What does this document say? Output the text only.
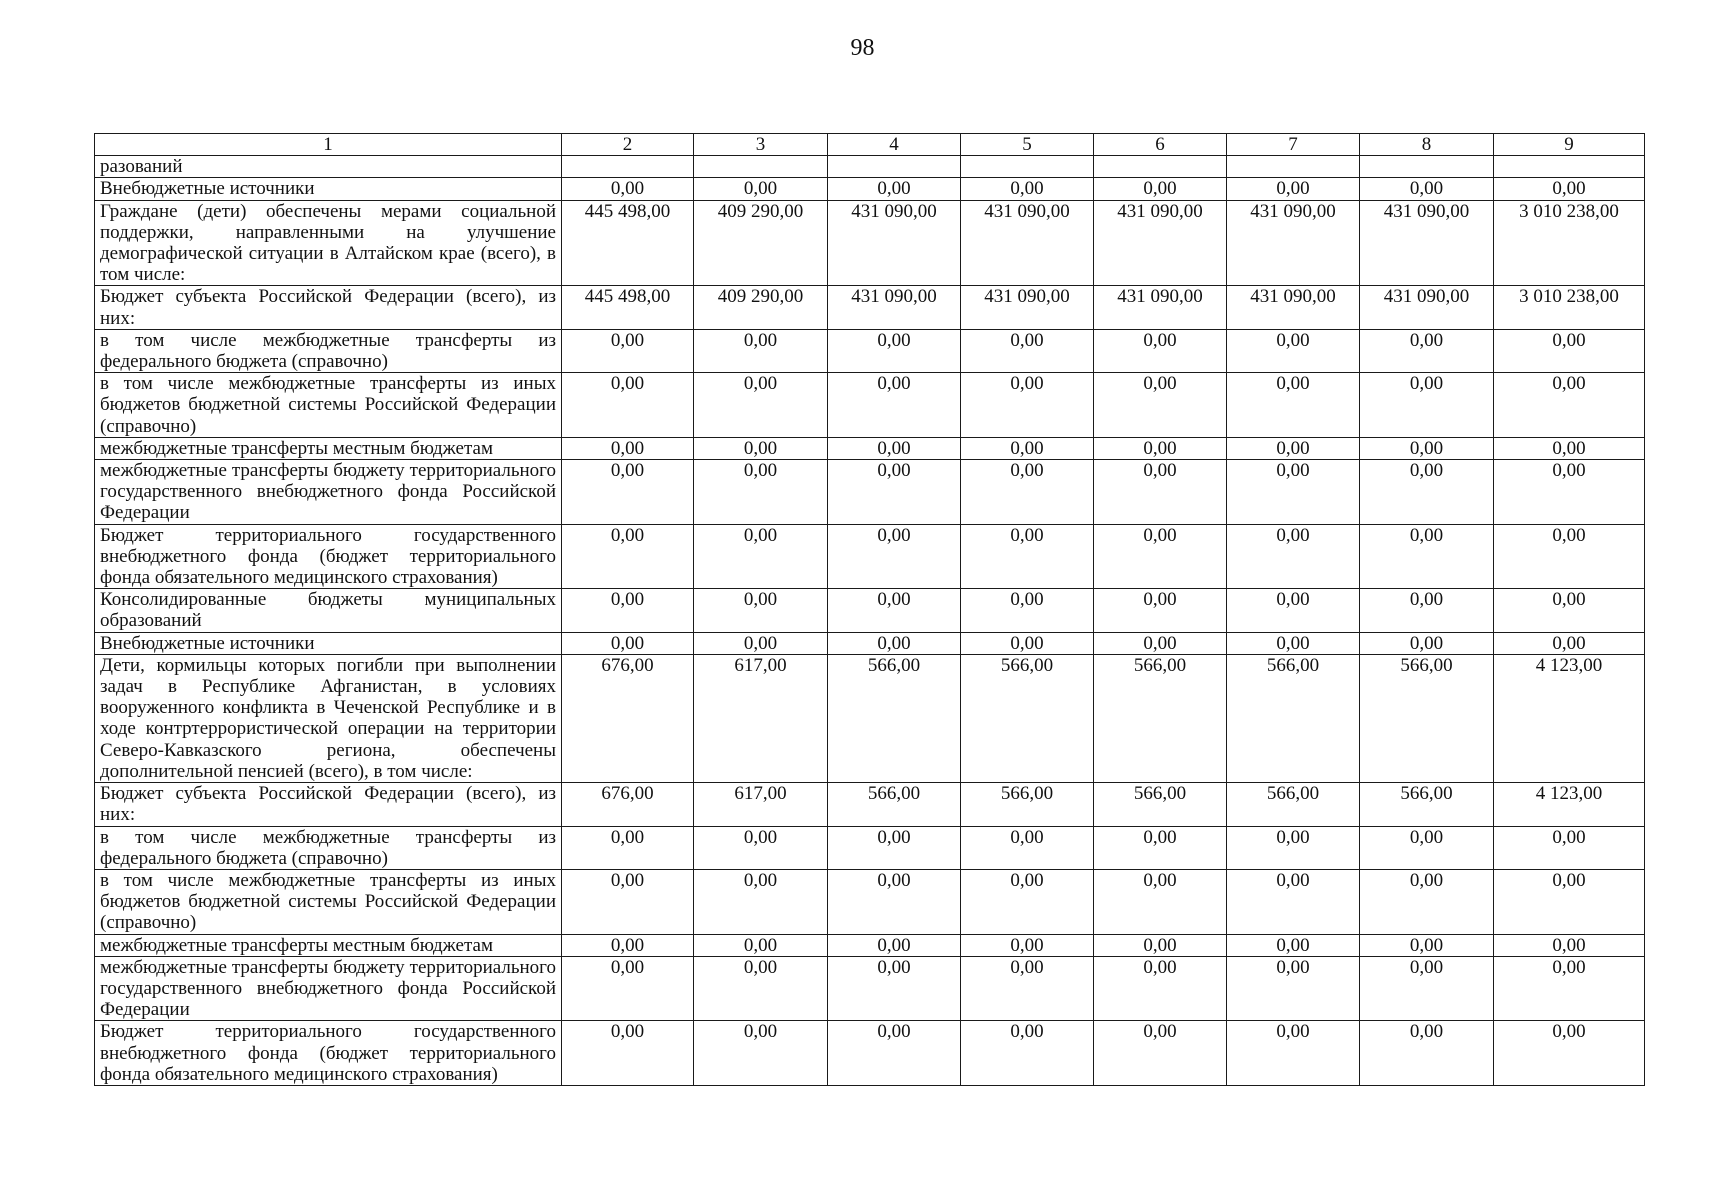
98
1	2	3	4	5	6	7	8	9
разований								
Внебюджетные источники	0,00	0,00	0,00	0,00	0,00	0,00	0,00	0,00
Граждане (дети) обеспечены мерами социальной поддержки, направленными на улучшение демографической ситуации в Алтайском крае (всего), в том числе:	445 498,00	409 290,00	431 090,00	431 090,00	431 090,00	431 090,00	431 090,00	3 010 238,00
Бюджет субъекта Российской Федерации (всего), из них:	445 498,00	409 290,00	431 090,00	431 090,00	431 090,00	431 090,00	431 090,00	3 010 238,00
в том числе межбюджетные трансферты из федерального бюджета (справочно)	0,00	0,00	0,00	0,00	0,00	0,00	0,00	0,00
в том числе межбюджетные трансферты из иных бюджетов бюджетной системы Российской Федерации (справочно)	0,00	0,00	0,00	0,00	0,00	0,00	0,00	0,00
межбюджетные трансферты местным бюджетам	0,00	0,00	0,00	0,00	0,00	0,00	0,00	0,00
межбюджетные трансферты бюджету территориального государственного внебюджетного фонда Российской Федерации	0,00	0,00	0,00	0,00	0,00	0,00	0,00	0,00
Бюджет территориального государственного внебюджетного фонда (бюджет территориального фонда обязательного медицинского страхования)	0,00	0,00	0,00	0,00	0,00	0,00	0,00	0,00
Консолидированные бюджеты муниципальных образований	0,00	0,00	0,00	0,00	0,00	0,00	0,00	0,00
Внебюджетные источники	0,00	0,00	0,00	0,00	0,00	0,00	0,00	0,00
Дети, кормильцы которых погибли при выполнении задач в Республике Афганистан, в условиях вооруженного конфликта в Чеченской Республике и в ходе контртеррористической операции на территории Северо-Кавказского региона, обеспечены дополнительной пенсией (всего), в том числе:	676,00	617,00	566,00	566,00	566,00	566,00	566,00	4 123,00
Бюджет субъекта Российской Федерации (всего), из них:	676,00	617,00	566,00	566,00	566,00	566,00	566,00	4 123,00
в том числе межбюджетные трансферты из федерального бюджета (справочно)	0,00	0,00	0,00	0,00	0,00	0,00	0,00	0,00
в том числе межбюджетные трансферты из иных бюджетов бюджетной системы Российской Федерации (справочно)	0,00	0,00	0,00	0,00	0,00	0,00	0,00	0,00
межбюджетные трансферты местным бюджетам	0,00	0,00	0,00	0,00	0,00	0,00	0,00	0,00
межбюджетные трансферты бюджету территориального государственного внебюджетного фонда Российской Федерации	0,00	0,00	0,00	0,00	0,00	0,00	0,00	0,00
Бюджет территориального государственного внебюджетного фонда (бюджет территориального фонда обязательного медицинского страхования)	0,00	0,00	0,00	0,00	0,00	0,00	0,00	0,00
